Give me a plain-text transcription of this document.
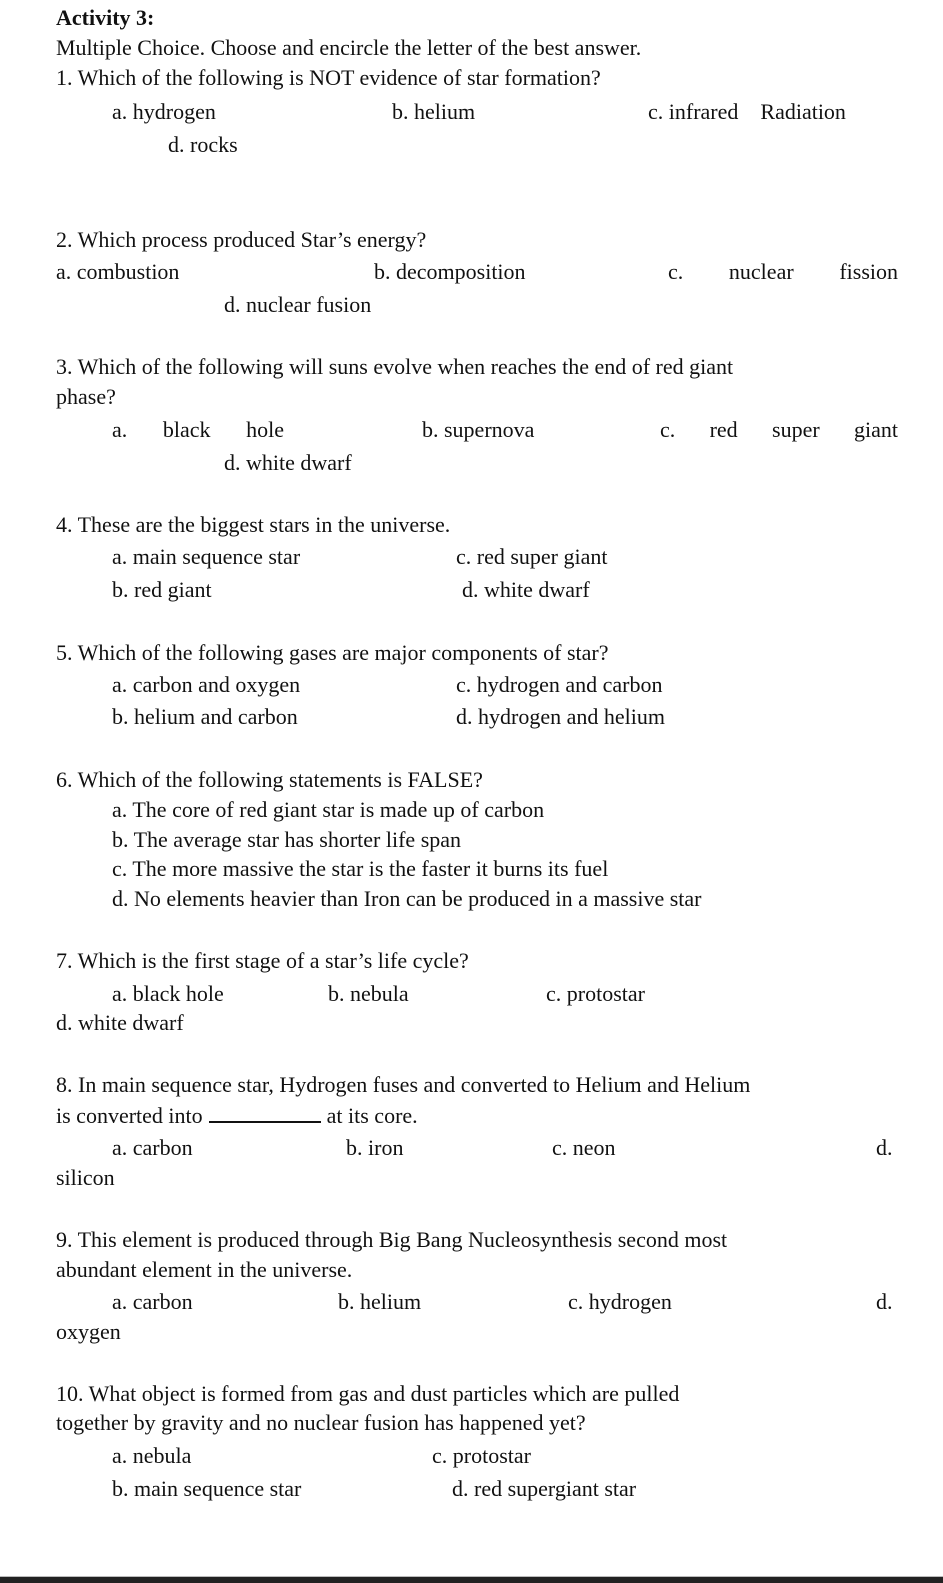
Activity 3:
Multiple Choice. Choose and encircle the letter of the best answer.
1. Which of the following is NOT evidence of star formation?
a. hydrogen	b. helium	c. infrared Radiation
d. rocks
2. Which process produced Star’s energy?
a. combustion	b. decomposition	c. nuclear fission
d. nuclear fusion
3. Which of the following will suns evolve when reaches the end of red giant
phase?
a. black hole	b. supernova	c. red super giant
d. white dwarf
4. These are the biggest stars in the universe.
a. main sequence star	c. red super giant
b. red giant	d. white dwarf
5. Which of the following gases are major components of star?
a. carbon and oxygen	c. hydrogen and carbon
b. helium and carbon	d. hydrogen and helium
6. Which of the following statements is FALSE?
a. The core of red giant star is made up of carbon
b. The average star has shorter life span
c. The more massive the star is the faster it burns its fuel
d. No elements heavier than Iron can be produced in a massive star
7. Which is the first stage of a star’s life cycle?
a. black hole	b. nebula	c. protostar
d. white dwarf
8. In main sequence star, Hydrogen fuses and converted to Helium and Helium
is converted into	at its core.
a. carbon	b. iron	c. neon	d.
silicon
9. This element is produced through Big Bang Nucleosynthesis second most
abundant element in the universe.
a. carbon	b. helium	c. hydrogen	d.
oxygen
10. What object is formed from gas and dust particles which are pulled
together by gravity and no nuclear fusion has happened yet?
a. nebula	c. protostar
b. main sequence star	d. red supergiant star
